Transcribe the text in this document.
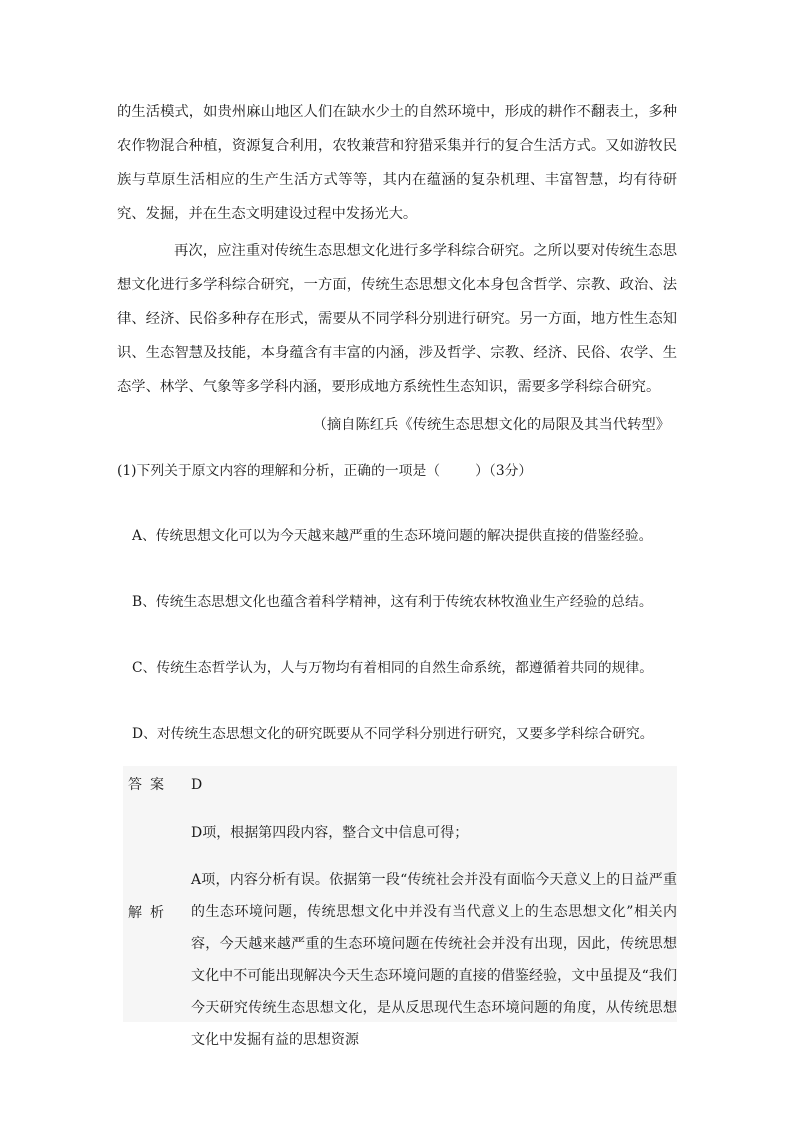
的生活模式，如贵州麻山地区人们在缺水少土的自然环境中，形成的耕作不翻表土，多种农作物混合种植，资源复合利用，农牧兼营和狩猎采集并行的复合生活方式。又如游牧民族与草原生活相应的生产生活方式等等，其内在蕴涵的复杂机理、丰富智慧，均有待研究、发掘，并在生态文明建设过程中发扬光大。

再次，应注重对传统生态思想文化进行多学科综合研究。之所以要对传统生态思想文化进行多学科综合研究，一方面，传统生态思想文化本身包含哲学、宗教、政治、法律、经济、民俗多种存在形式，需要从不同学科分别进行研究。另一方面，地方性生态知识、生态智慧及技能，本身蕴含有丰富的内涵，涉及哲学、宗教、经济、民俗、农学、生态学、林学、气象等多学科内涵，要形成地方系统性生态知识，需要多学科综合研究。

（摘自陈红兵《传统生态思想文化的局限及其当代转型》

(1)下列关于原文内容的理解和分析，正确的一项是（        ）（3分）

A、传统思想文化可以为今天越来越严重的生态环境问题的解决提供直接的借鉴经验。

B、传统生态思想文化也蕴含着科学精神，这有利于传统农林牧渔业生产经验的总结。

C、传统生态哲学认为，人与万物均有着相同的自然生命系统，都遵循着共同的规律。

D、对传统生态思想文化的研究既要从不同学科分别进行研究，又要多学科综合研究。

答案 D

D项，根据第四段内容，整合文中信息可得；

解析

A项，内容分析有误。依据第一段“传统社会并没有面临今天意义上的日益严重的生态环境问题，传统思想文化中并没有当代意义上的生态思想文化”相关内容，今天越来越严重的生态环境问题在传统社会并没有出现，因此，传统思想文化中不可能出现解决今天生态环境问题的直接的借鉴经验，文中虽提及“我们今天研究传统生态思想文化，是从反思现代生态环境问题的角度，从传统思想文化中发掘有益的思想资源
